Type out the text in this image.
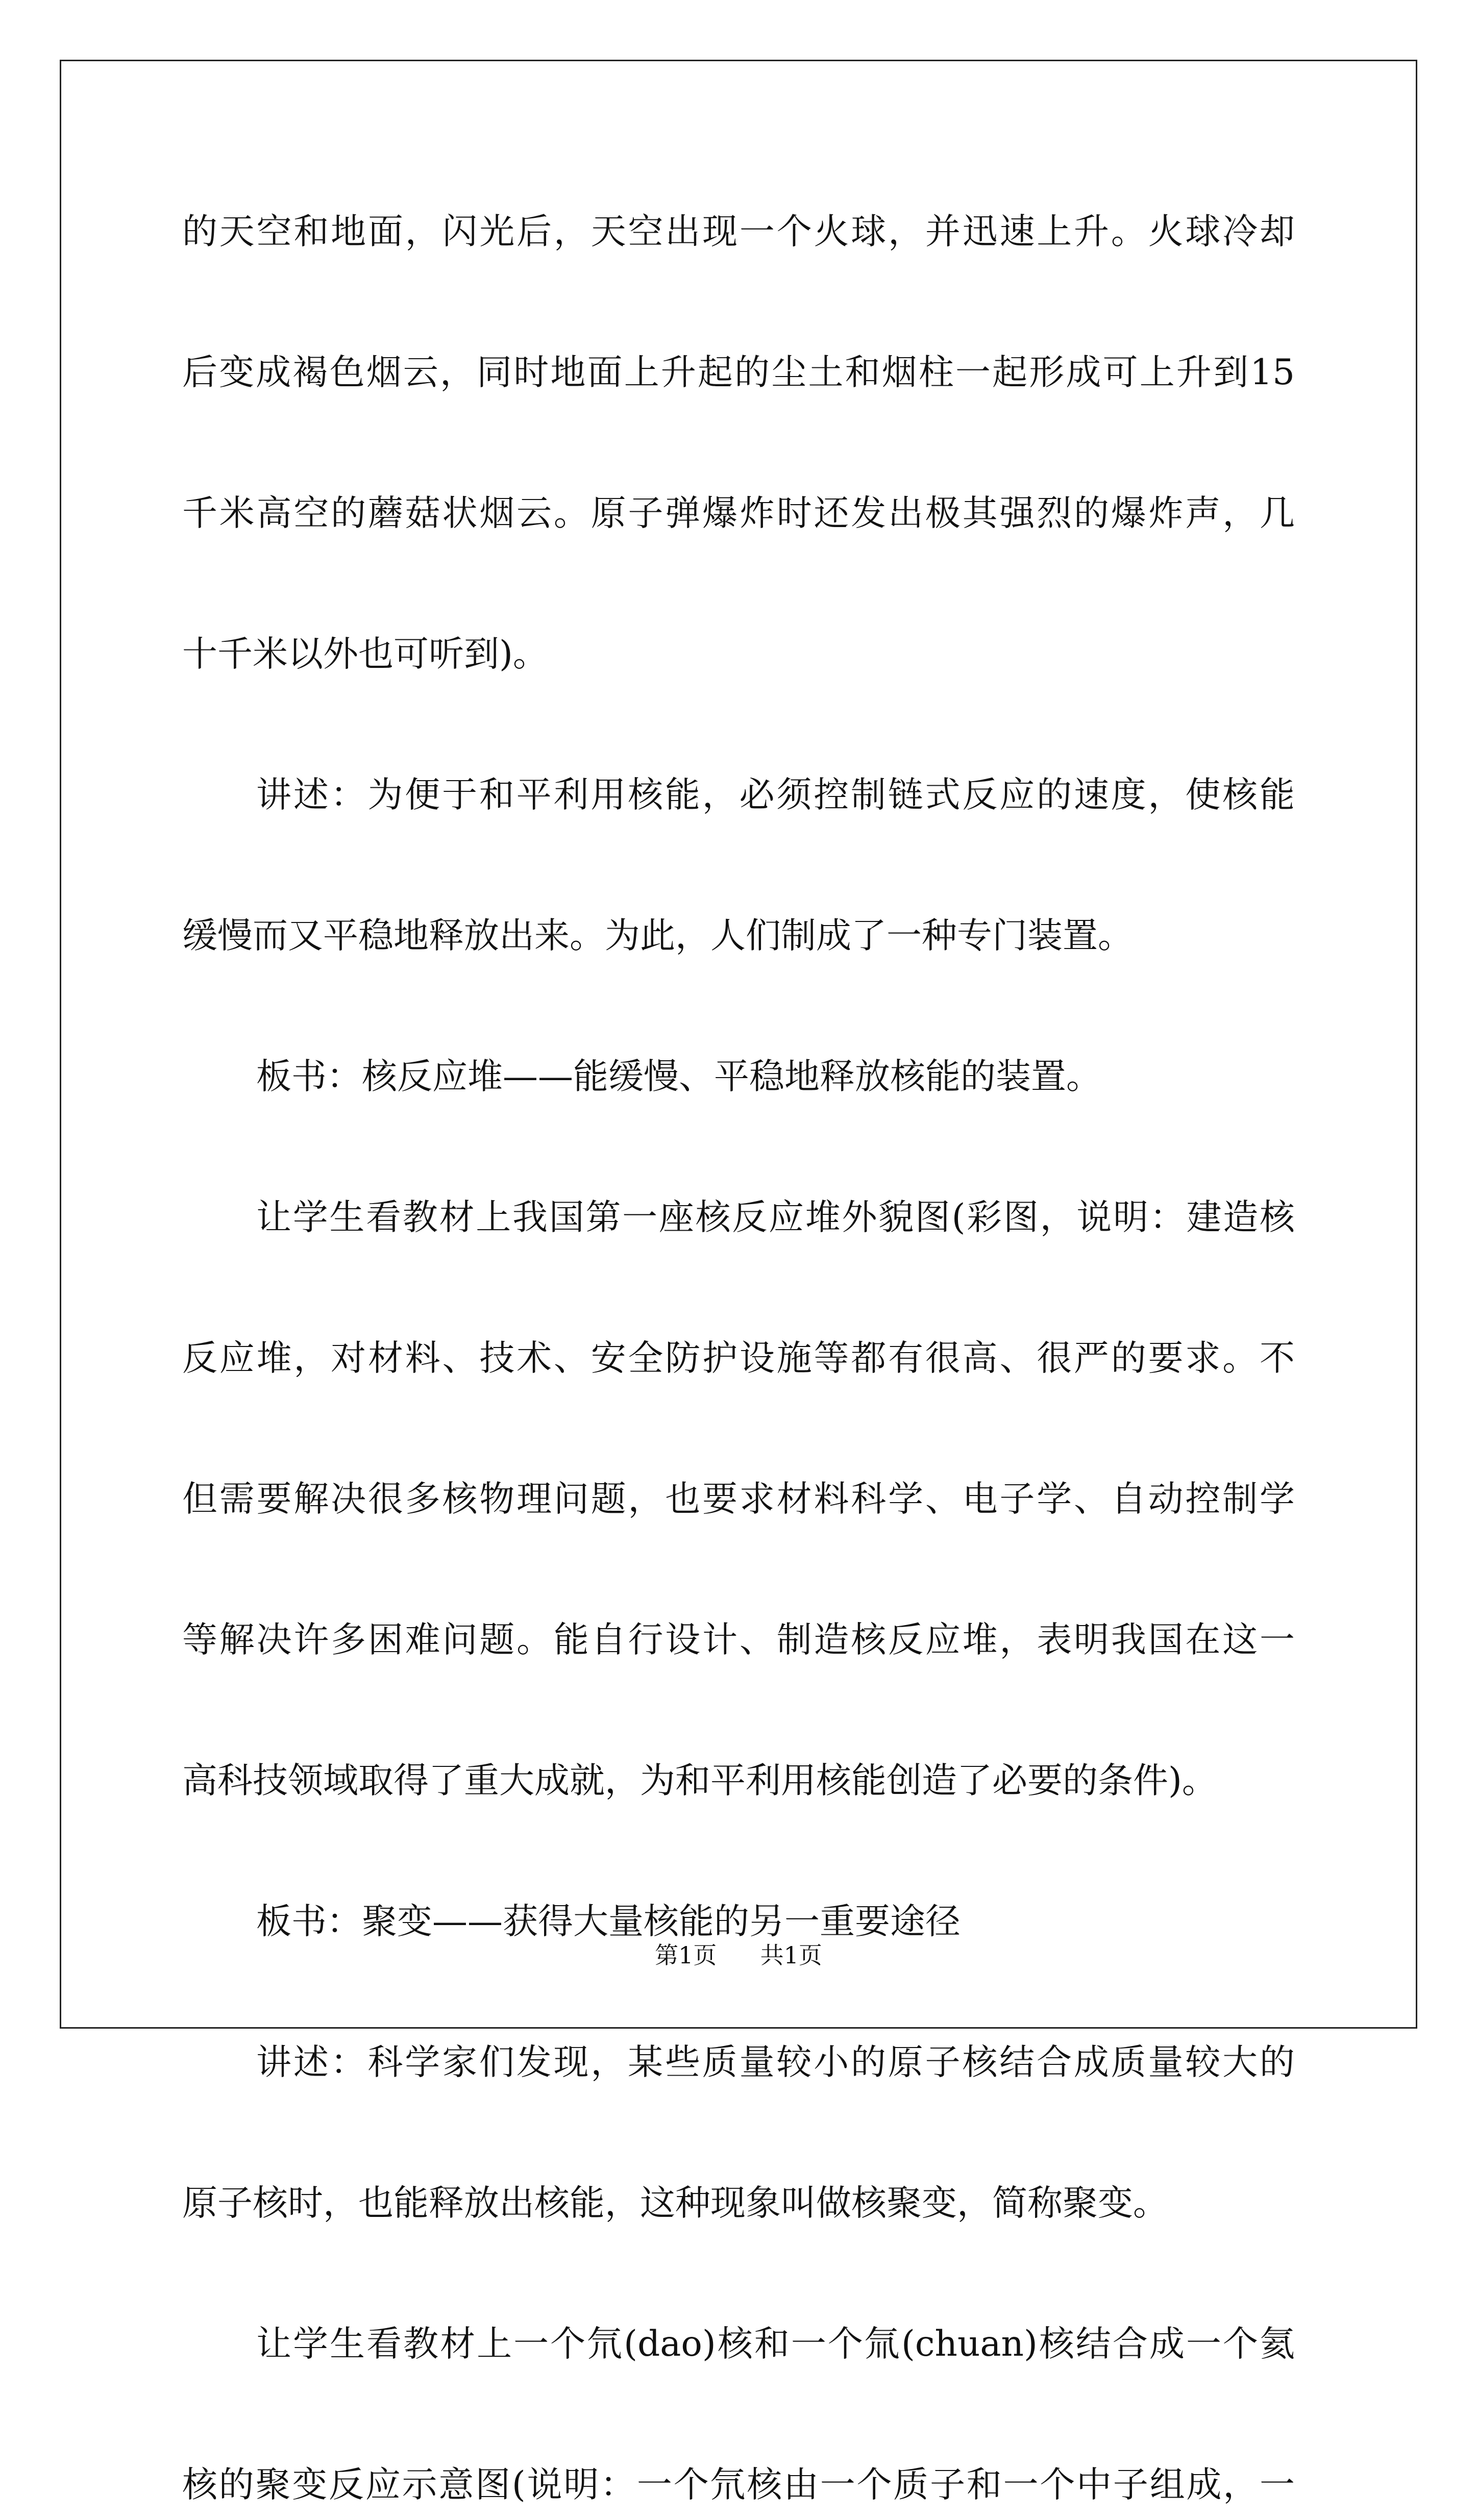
的天空和地面，闪光后，天空出现一个火球，并迅速上升。火球冷却
后变成褐色烟云，同时地面上升起的尘土和烟柱一起形成可上升到15
千米高空的蘑菇状烟云。原子弹爆炸时还发出极其强烈的爆炸声，几
十千米以外也可听到)。
讲述：为便于和平利用核能，必须控制链式反应的速度，使核能
缓慢而又平稳地释放出来。为此，人们制成了一种专门装置。
板书：核反应堆——能缓慢、平稳地释放核能的装置。
让学生看教材上我国第一座核反应堆外貌图(彩图，说明：建造核
反应堆，对材料、技术、安全防护设施等都有很高、很严的要求。不
但需要解决很多核物理问题，也要求材料科学、电子学、自动控制学
等解决许多困难问题。能自行设计、制造核反应堆，表明我国在这一
高科技领域取得了重大成就，为和平利用核能创造了必要的条件)。
板书：聚变——获得大量核能的另一重要途径
讲述：科学家们发现，某些质量较小的原子核结合成质量较大的
原子核时，也能释放出核能，这种现象叫做核聚变，简称聚变。
让学生看教材上一个氘(dao)核和一个氚(chuan)核结合成一个氦
核的聚变反应示意图(说明：一个氘核由一个质子和一个中子组成，一
第1页 共1页
